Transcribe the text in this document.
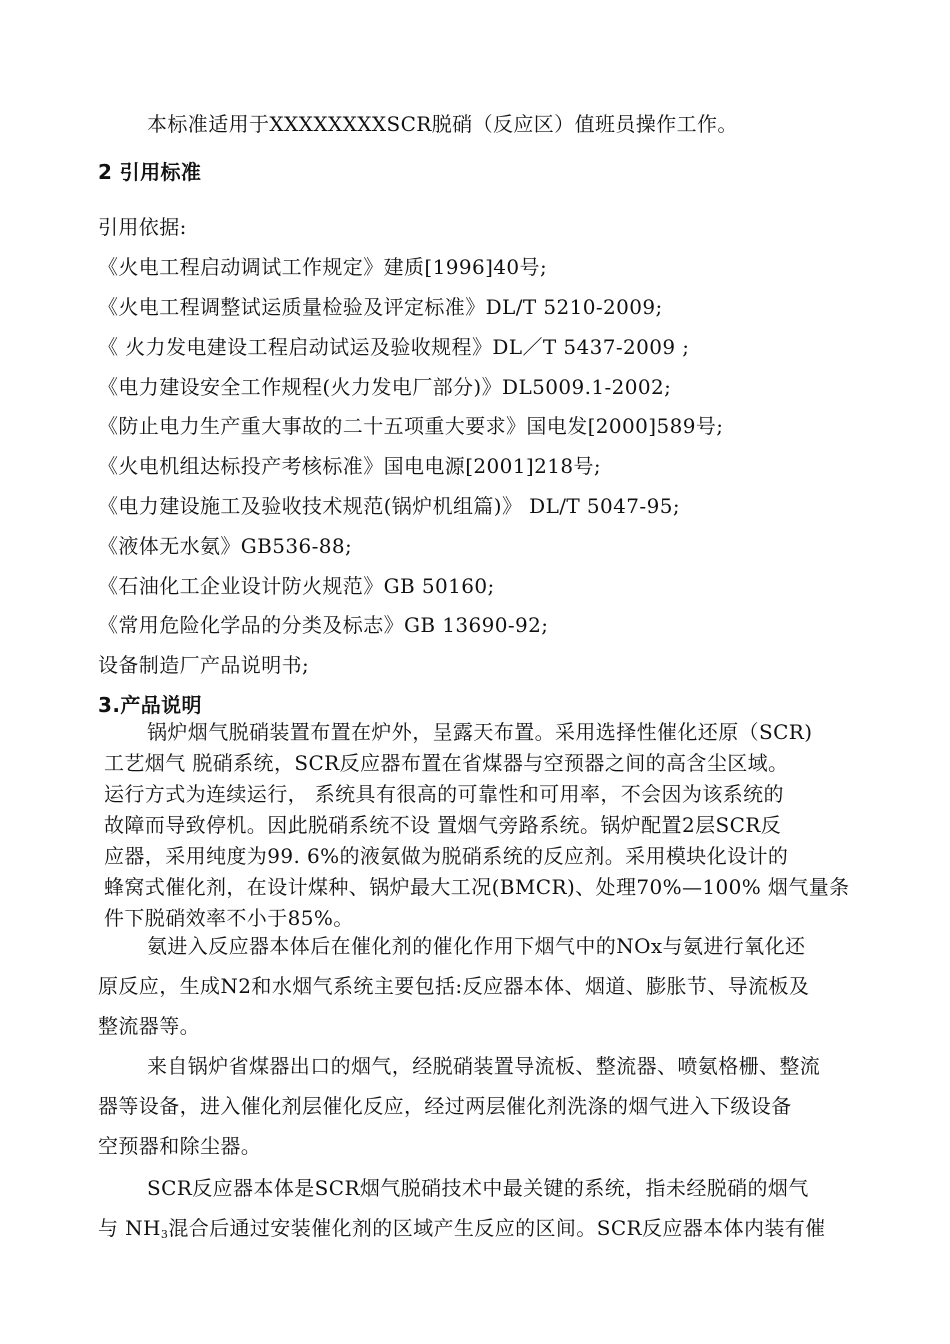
本标准适用于XXXXXXXXSCR脱硝（反应区）值班员操作工作。
2 引用标准
引用依据:
《火电工程启动调试工作规定》建质[1996]40号;
《火电工程调整试运质量检验及评定标准》DL/T 5210-2009;
《 火力发电建设工程启动试运及验收规程》DL／T 5437-2009 ;
《电力建设安全工作规程(火力发电厂部分)》DL5009.1-2002;
《防止电力生产重大事故的二十五项重大要求》国电发[2000]589号;
《火电机组达标投产考核标准》国电电源[2001]218号;
《电力建设施工及验收技术规范(锅炉机组篇)》 DL/T 5047-95;
《液体无水氨》GB536-88;
《石油化工企业设计防火规范》GB 50160;
《常用危险化学品的分类及标志》GB 13690-92;
设备制造厂产品说明书;
3.产品说明
锅炉烟气脱硝装置布置在炉外，呈露天布置。采用选择性催化还原（SCR)
工艺烟气 脱硝系统，SCR反应器布置在省煤器与空预器之间的高含尘区域。
运行方式为连续运行， 系统具有很高的可靠性和可用率，不会因为该系统的
故障而导致停机。因此脱硝系统不设 置烟气旁路系统。锅炉配置2层SCR反
应器，采用纯度为99. 6%的液氨做为脱硝系统的反应剂。采用模块化设计的
蜂窝式催化剂，在设计煤种、锅炉最大工况(BMCR)、处理70%—100% 烟气量条
件下脱硝效率不小于85%。
氨进入反应器本体后在催化剂的催化作用下烟气中的NOx与氨进行氧化还
原反应，生成N2和水烟气系统主要包括:反应器本体、烟道、膨胀节、导流板及
整流器等。
来自锅炉省煤器出口的烟气，经脱硝装置导流板、整流器、喷氨格栅、整流
器等设备，进入催化剂层催化反应，经过两层催化剂洗涤的烟气进入下级设备
空预器和除尘器。
SCR反应器本体是SCR烟气脱硝技术中最关键的系统，指未经脱硝的烟气
与 $NH_3$混合后通过安装催化剂的区域产生反应的区间。SCR反应器本体内装有催
